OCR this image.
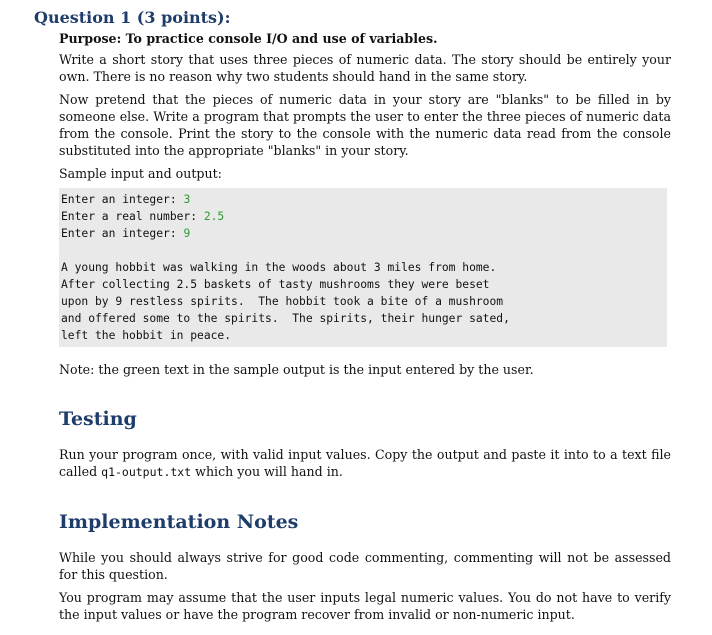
Question 1 (3 points):

Purpose: To practice console I/O and use of variables.

Write a short story that uses three pieces of numeric data. The story should be entirely your own. There is no reason why two students should hand in the same story.

Now pretend that the pieces of numeric data in your story are "blanks" to be filled in by someone else. Write a program that prompts the user to enter the three pieces of numeric data from the console. Print the story to the console with the numeric data read from the console substituted into the appropriate "blanks" in your story.

Sample input and output:

Enter an integer: 3
Enter a real number: 2.5
Enter an integer: 9
A young hobbit was walking in the woods about 3 miles from home.
After collecting 2.5 baskets of tasty mushrooms they were beset
upon by 9 restless spirits.  The hobbit took a bite of a mushroom
and offered some to the spirits.  The spirits, their hunger sated,
left the hobbit in peace.

Note: the green text in the sample output is the input entered by the user.

Testing

Run your program once, with valid input values. Copy the output and paste it into to a text file called q1-output.txt which you will hand in.

Implementation Notes

While you should always strive for good code commenting, commenting will not be assessed for this question.

You program may assume that the user inputs legal numeric values. You do not have to verify the input values or have the program recover from invalid or non-numeric input.
